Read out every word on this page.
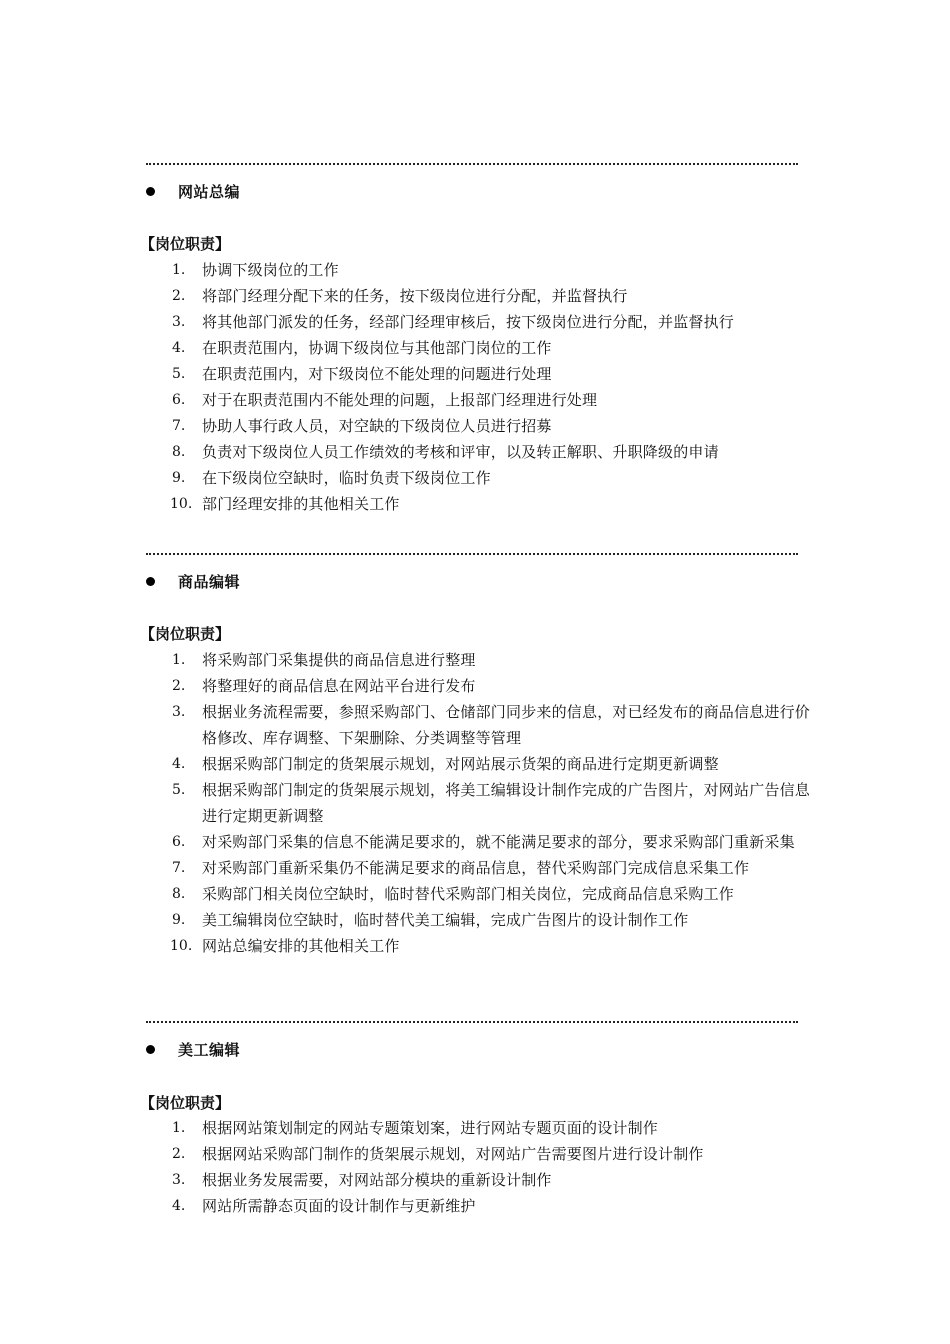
网站总编
【岗位职责】
1.	协调下级岗位的工作
2.	将部门经理分配下来的任务，按下级岗位进行分配，并监督执行
3.	将其他部门派发的任务，经部门经理审核后，按下级岗位进行分配，并监督执行
4.	在职责范围内，协调下级岗位与其他部门岗位的工作
5.	在职责范围内，对下级岗位不能处理的问题进行处理
6.	对于在职责范围内不能处理的问题，上报部门经理进行处理
7.	协助人事行政人员，对空缺的下级岗位人员进行招募
8.	负责对下级岗位人员工作绩效的考核和评审，以及转正解职、升职降级的申请
9.	在下级岗位空缺时，临时负责下级岗位工作
10. 部门经理安排的其他相关工作
商品编辑
【岗位职责】
1.	将采购部门采集提供的商品信息进行整理
2.	将整理好的商品信息在网站平台进行发布
3.	根据业务流程需要，参照采购部门、仓储部门同步来的信息，对已经发布的商品信息进行价格修改、库存调整、下架删除、分类调整等管理
4.	根据采购部门制定的货架展示规划，对网站展示货架的商品进行定期更新调整
5.	根据采购部门制定的货架展示规划，将美工编辑设计制作完成的广告图片，对网站广告信息进行定期更新调整
6.	对采购部门采集的信息不能满足要求的，就不能满足要求的部分，要求采购部门重新采集
7.	对采购部门重新采集仍不能满足要求的商品信息，替代采购部门完成信息采集工作
8.	采购部门相关岗位空缺时，临时替代采购部门相关岗位，完成商品信息采购工作
9.	美工编辑岗位空缺时，临时替代美工编辑，完成广告图片的设计制作工作
10. 网站总编安排的其他相关工作
美工编辑
【岗位职责】
1.	根据网站策划制定的网站专题策划案，进行网站专题页面的设计制作
2.	根据网站采购部门制作的货架展示规划，对网站广告需要图片进行设计制作
3.	根据业务发展需要，对网站部分模块的重新设计制作
4.	网站所需静态页面的设计制作与更新维护
